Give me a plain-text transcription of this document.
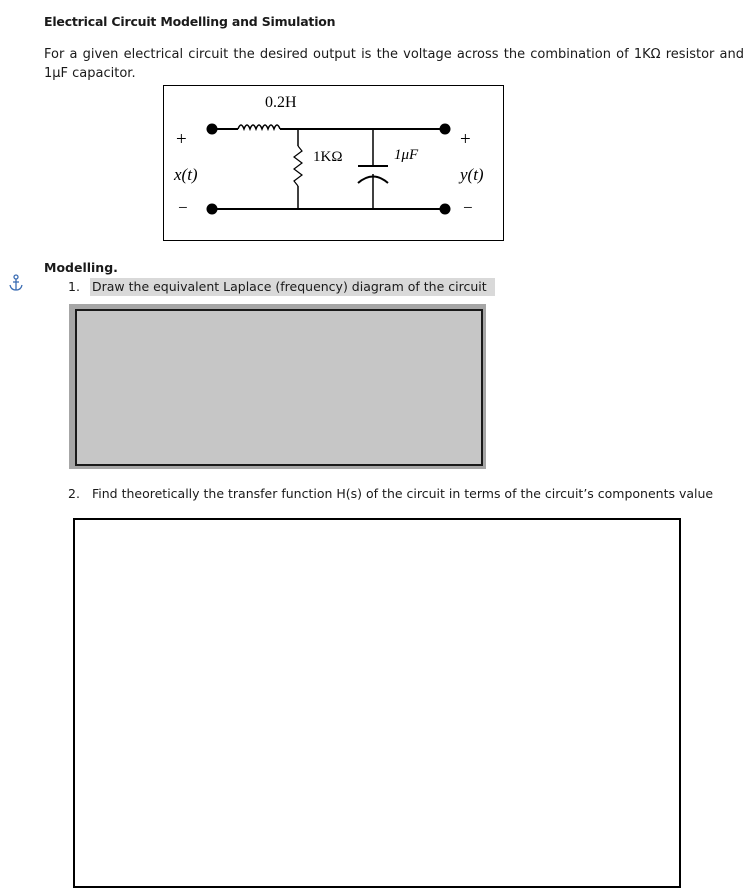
Electrical Circuit Modelling and Simulation
For a given electrical circuit the desired output is the voltage across the combination of 1KΩ resistor and 1μF capacitor.
0.2H
1KΩ	1μF
+
x(t)
−
+
y(t)
−
Modelling.
1. Draw the equivalent Laplace (frequency) diagram of the circuit
2. Find theoretically the transfer function H(s) of the circuit in terms of the circuit’s components value
